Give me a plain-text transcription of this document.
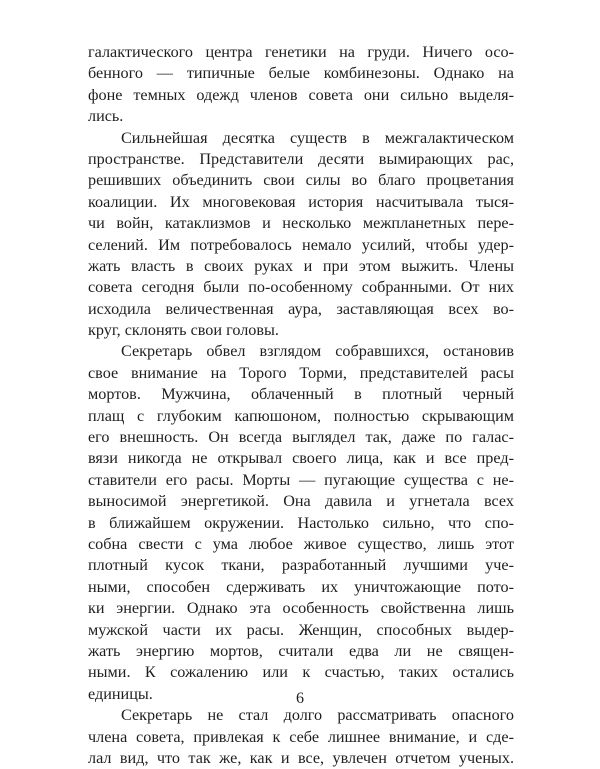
галактического центра генетики на груди. Ничего осо-
бенного — типичные белые комбинезоны. Однако на
фоне темных одежд членов совета они сильно выделя-
лись.
Сильнейшая десятка существ в межгалактическом
пространстве. Представители десяти вымирающих рас,
решивших объединить свои силы во благо процветания
коалиции. Их многовековая история насчитывала тыся-
чи войн, катаклизмов и несколько межпланетных пере-
селений. Им потребовалось немало усилий, чтобы удер-
жать власть в своих руках и при этом выжить. Члены
совета сегодня были по-особенному собранными. От них
исходила величественная аура, заставляющая всех во-
круг, склонять свои головы.
Секретарь обвел взглядом собравшихся, остановив
свое внимание на Торого Торми, представителей расы
мортов. Мужчина, облаченный в плотный черный
плащ с глубоким капюшоном, полностью скрывающим
его внешность. Он всегда выглядел так, даже по галас-
вязи никогда не открывал своего лица, как и все пред-
ставители его расы. Морты — пугающие существа с не-
выносимой энергетикой. Она давила и угнетала всех
в ближайшем окружении. Настолько сильно, что спо-
собна свести с ума любое живое существо, лишь этот
плотный кусок ткани, разработанный лучшими уче-
ными, способен сдерживать их уничтожающие пото-
ки энергии. Однако эта особенность свойственна лишь
мужской части их расы. Женщин, способных выдер-
жать энергию мортов, считали едва ли не священ-
ными. К сожалению или к счастью, таких остались
единицы.
Секретарь не стал долго рассматривать опасного
члена совета, привлекая к себе лишнее внимание, и сде-
лал вид, что так же, как и все, увлечен отчетом ученых.
6
